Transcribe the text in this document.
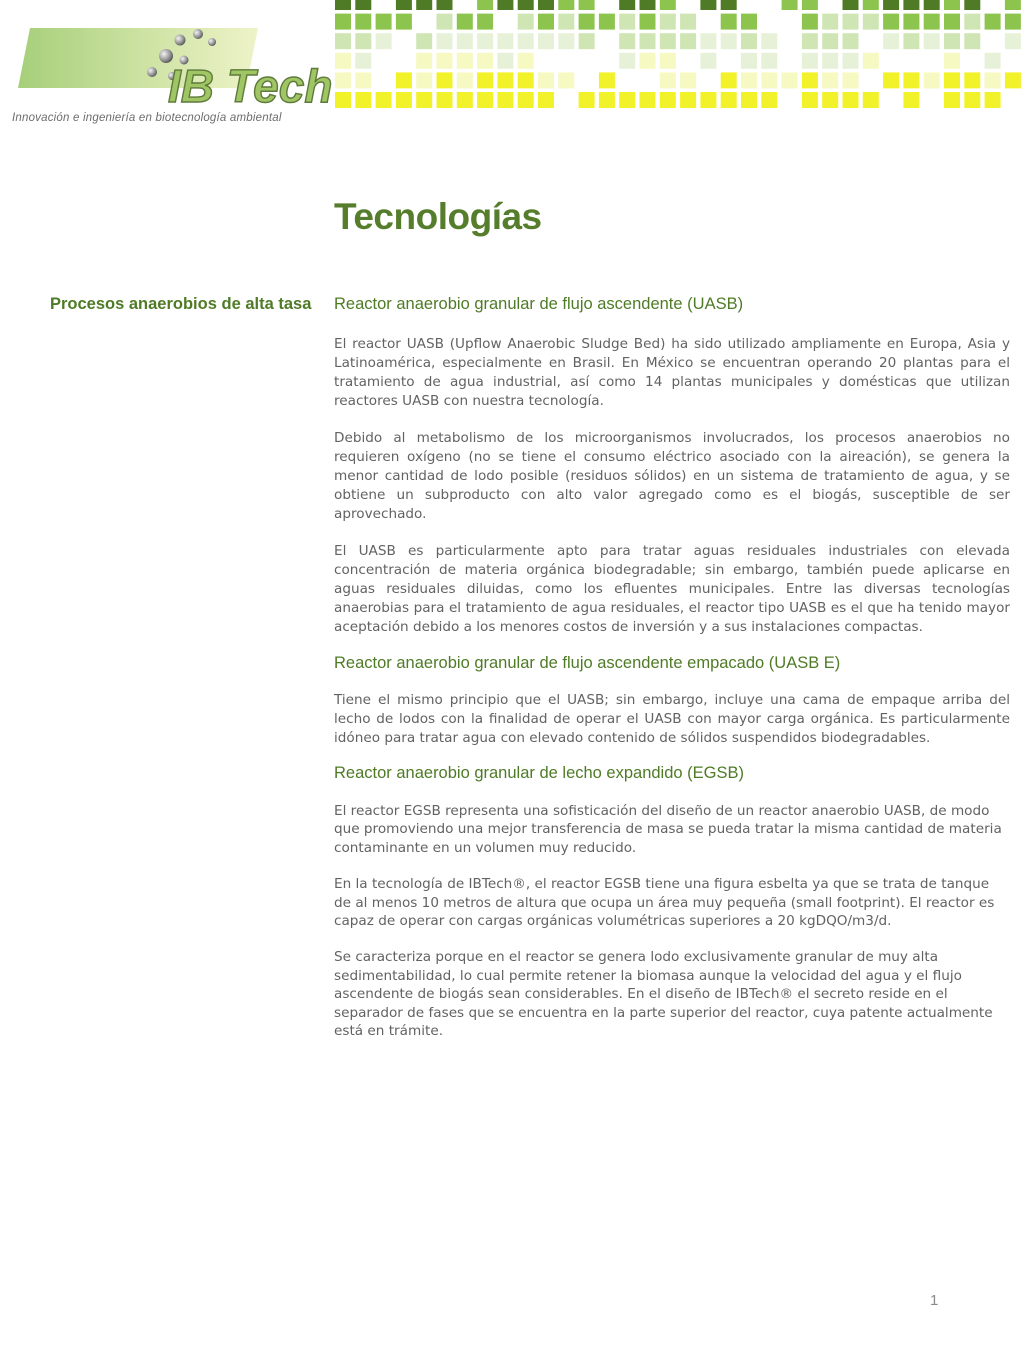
IB Tech
Innovación e ingeniería en biotecnología ambiental
Tecnologías
Procesos anaerobios de alta tasa Reactor anaerobio granular de flujo ascendente (UASB)

El reactor UASB (Upflow Anaerobic Sludge Bed) ha sido utilizado ampliamente en Europa, Asia y Latinoamérica, especialmente en Brasil. En México se encuentran operando 20 plantas para el tratamiento de agua industrial, así como 14 plantas municipales y domésticas que utilizan reactores UASB con nuestra tecnología.

Debido al metabolismo de los microorganismos involucrados, los procesos anaerobios no requieren oxígeno (no se tiene el consumo eléctrico asociado con la aireación), se genera la menor cantidad de lodo posible (residuos sólidos) en un sistema de tratamiento de agua, y se obtiene un subproducto con alto valor agregado como es el biogás, susceptible de ser aprovechado.

El UASB es particularmente apto para tratar aguas residuales industriales con elevada concentración de materia orgánica biodegradable; sin embargo, también puede aplicarse en aguas residuales diluidas, como los efluentes municipales. Entre las diversas tecnologías anaerobias para el tratamiento de agua residuales, el reactor tipo UASB es el que ha tenido mayor aceptación debido a los menores costos de inversión y a sus instalaciones compactas.

Reactor anaerobio granular de flujo ascendente empacado (UASB E)

Tiene el mismo principio que el UASB; sin embargo, incluye una cama de empaque arriba del lecho de lodos con la finalidad de operar el UASB con mayor carga orgánica. Es particularmente idóneo para tratar agua con elevado contenido de sólidos suspendidos biodegradables.

Reactor anaerobio granular de lecho expandido (EGSB)

El reactor EGSB representa una sofisticación del diseño de un reactor anaerobio UASB, de modo que promoviendo una mejor transferencia de masa se pueda tratar la misma cantidad de materia contaminante en un volumen muy reducido.

En la tecnología de IBTech®, el reactor EGSB tiene una figura esbelta ya que se trata de tanque de al menos 10 metros de altura que ocupa un área muy pequeña (small footprint). El reactor es capaz de operar con cargas orgánicas volumétricas superiores a 20 kgDQO/m3/d.

Se caracteriza porque en el reactor se genera lodo exclusivamente granular de muy alta sedimentabilidad, lo cual permite retener la biomasa aunque la velocidad del agua y el flujo ascendente de biogás sean considerables. En el diseño de IBTech® el secreto reside en el separador de fases que se encuentra en la parte superior del reactor, cuya patente actualmente está en trámite.

1
